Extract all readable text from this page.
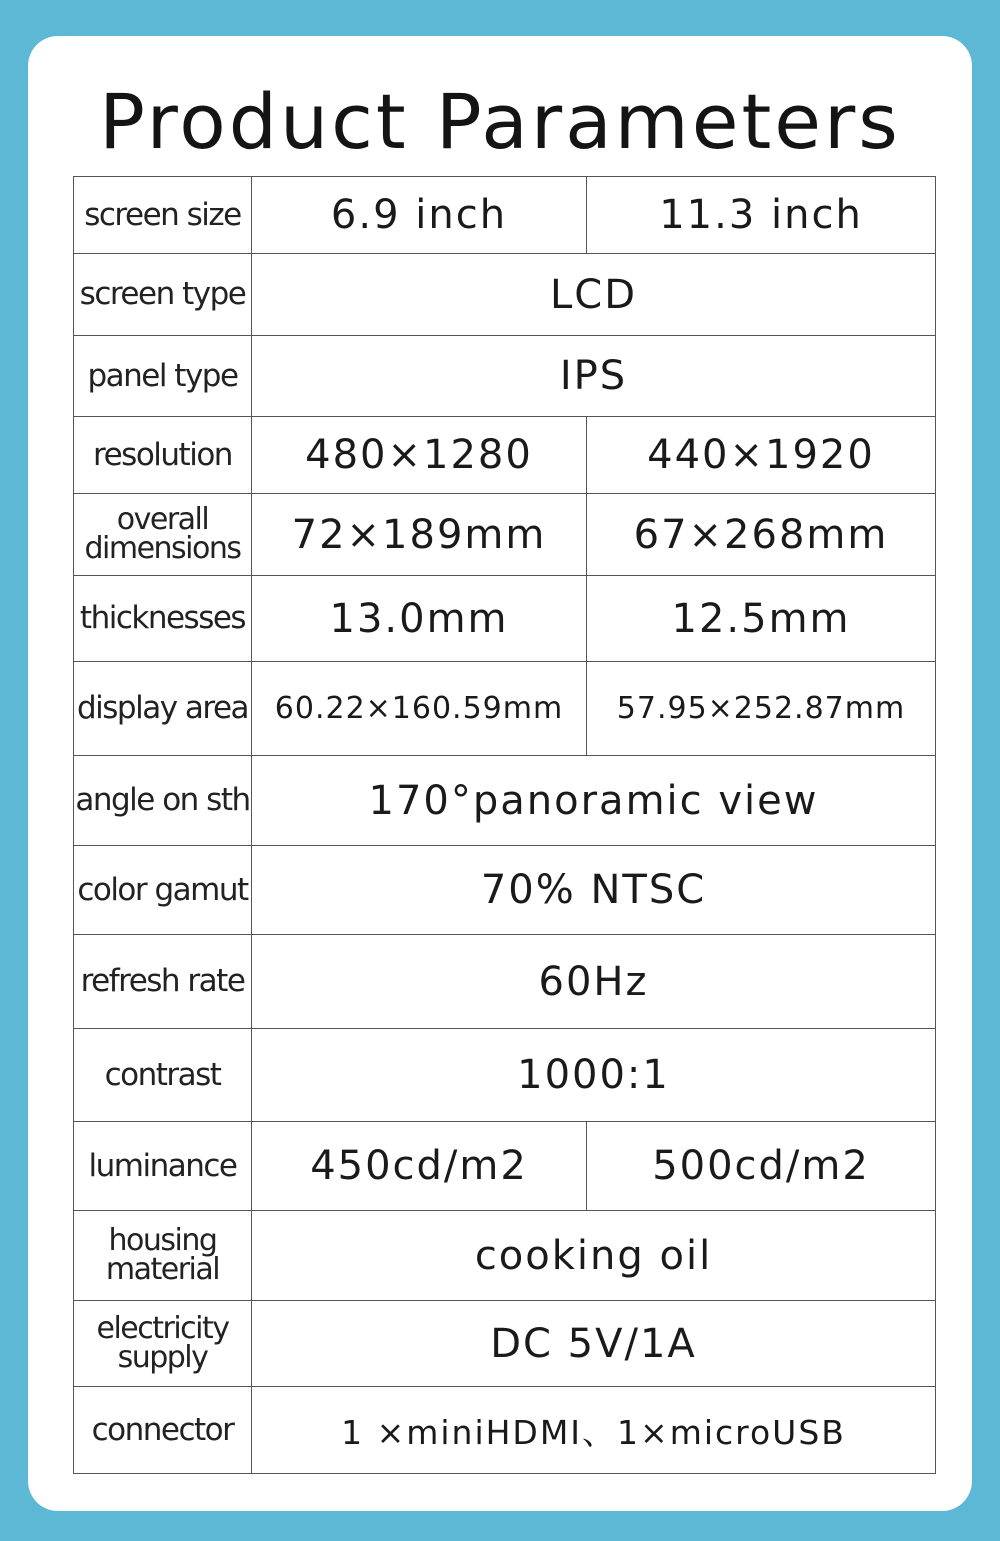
Product Parameters
screen size	6.9 inch	11.3 inch
screen type	LCD	
panel type	IPS	
resolution	480×1280	440×1920
overall
dimensions	72×189mm	67×268mm
thicknesses	13.0mm	12.5mm
display area	60.22×160.59mm	57.95×252.87mm
angle on sth	170°panoramic view	
color gamut	70% NTSC	
refresh rate	60Hz	
contrast	1000:1	
luminance	450cd/m2	500cd/m2
housing
material	cooking oil	
electricity
supply	DC 5V/1A	
connector	1 ×miniHDMI、1×microUSB	
